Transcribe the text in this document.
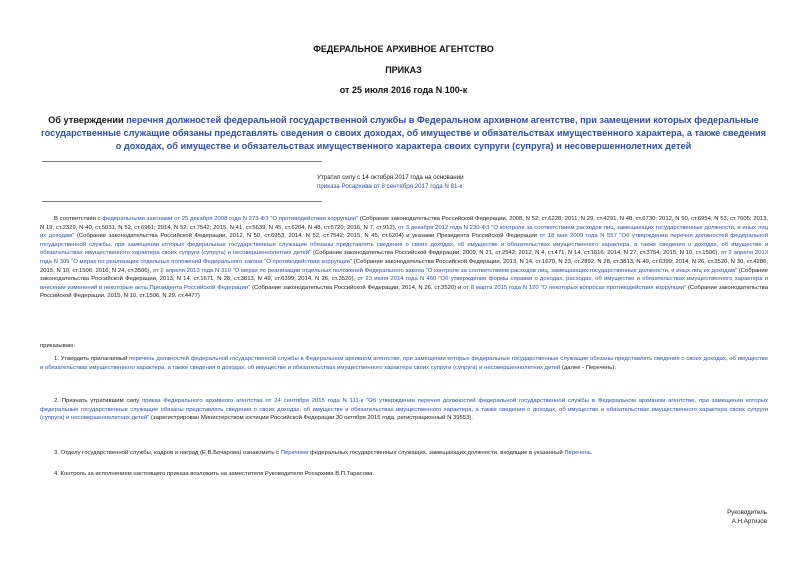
ФЕДЕРАЛЬНОЕ АРХИВНОЕ АГЕНТСТВО
ПРИКАЗ
от 25 июля 2016 года N 100-к
Об утверждении перечня должностей федеральной государственной службы в Федеральном архивном агентстве, при замещении которых федеральные государственные служащие обязаны представлять сведения о своих доходах, об имуществе и обязательствах имущественного характера, а также сведения о доходах, об имуществе и обязательствах имущественного характера своих супруги (супруга) и несовершеннолетних детей
Утратил силу с 14 октября 2017 года на основании
приказа Росархива от 8 сентября 2017 года N 81-к
В соответствии с федеральными законами от 25 декабря 2008 года N 273-ФЗ "О противодействии коррупции" (Собрание законодательства Российской Федерации, 2008, N 52, ст.6228; 2011, N 29, ст.4291, N 48, ст.6730; 2012, N 50, ст.6954, N 53, ст.7605; 2013, N 19, ст.2329, N 40, ст.5031, N 52, ст.6961; 2014, N 52, ст.7542; 2015, N 41, ст.5639, N 45, ст.6204, N 48, ст.6720; 2016, N 7, ст.912), от 3 декабря 2012 года N 230-ФЗ "О контроле за соответствием расходов лиц, замещающих государственные должности, и иных лиц их доходам" (Собрание законодательства Российской Федерации, 2012, N 50, ст.6953, 2014, N 52, ст.7542; 2015, N 45, ст.6204) и указами Президента Российской Федерации от 18 мая 2009 года N 557 "Об утверждении перечня должностей федеральной государственной службы, при замещении которых федеральные государственные служащие обязаны представлять сведения о своих доходах, об имуществе и обязательствах имущественного характера, а также сведения о доходах, об имуществе и обязательствах имущественного характера своих супруги (супруга) и несовершеннолетних детей" (Собрание законодательства Российской Федерации, 2009, N 21, ст.2542; 2012, N 4, ст.471, N 14, ст.1616; 2014, N 27, ст.3754; 2015, N 10, ст.1506), от 2 апреля 2013 года N 309 "О мерах по реализации отдельных положений Федерального закона "О противодействии коррупции" (Собрание законодательства Российской Федерации, 2013, N 14, ст.1670, N 23, ст.2892, N 28, ст.3813, N 49, ст.6399; 2014, N 26, ст.3520, N 30, ст.4286; 2015, N 10, ст.1506; 2016, N 24, ст.3506), от 2 апреля 2013 года N 310 "О мерах по реализации отдельных положений Федерального закона "О контроле за соответствием расходов лиц, замещающих государственные должности, и иных лиц их доходам" (Собрание законодательства Российской Федерации, 2013, N 14, ст.1671, N 28, ст.3813, N 49, ст.6399; 2014, N 26, ст.3520), от 23 июня 2014 года N 460 "Об утверждении формы справки о доходах, расходах, об имуществе и обязательствах имущественного характера и внесении изменений в некоторые акты Президента Российской Федерации" (Собрание законодательства Российской Федерации, 2014, N 26, ст.3520) и от 8 марта 2015 года N 120 "О некоторых вопросах противодействия коррупции" (Собрание законодательства Российской Федерации, 2015, N 10, ст.1506, N 29, ст.4477)
приказываю:
1. Утвердить прилагаемый перечень должностей федеральной государственной службы в Федеральном архивном агентстве, при замещении которых федеральные государственные служащие обязаны представлять сведения о своих доходах, об имуществе и обязательствах имущественного характера, а также сведения о доходах, об имуществе и обязательствах имущественного характера своих супруги (супруга) и несовершеннолетних детей (далее - Перечень).
2. Признать утратившим силу приказ Федерального архивного агентства от 24 сентября 2015 года N 111-к "Об утверждении перечня должностей федеральной государственной службы в Федеральном архивном агентстве, при замещении которых федеральные государственные служащие обязаны представлять сведения о своих доходах, об имуществе и обязательствах имущественного характера, а также сведения о доходах, об имуществе и обязательствах имущественного характера своих супруги (супруга) и несовершеннолетних детей" (зарегистрирован Министерством юстиции Российской Федерации 30 октября 2015 года, регистрационный N 39553).
3. Отделу государственной службы, кадров и наград (Е.В.Бочарова) ознакомить с Перечнем федеральных государственных служащих, замещающих должности, входящие в указанный Перечень.
4. Контроль за исполнением настоящего приказа возложить на заместителя Руководителя Росархива В.П.Тарасова.
Руководитель
А.Н.Артизов
